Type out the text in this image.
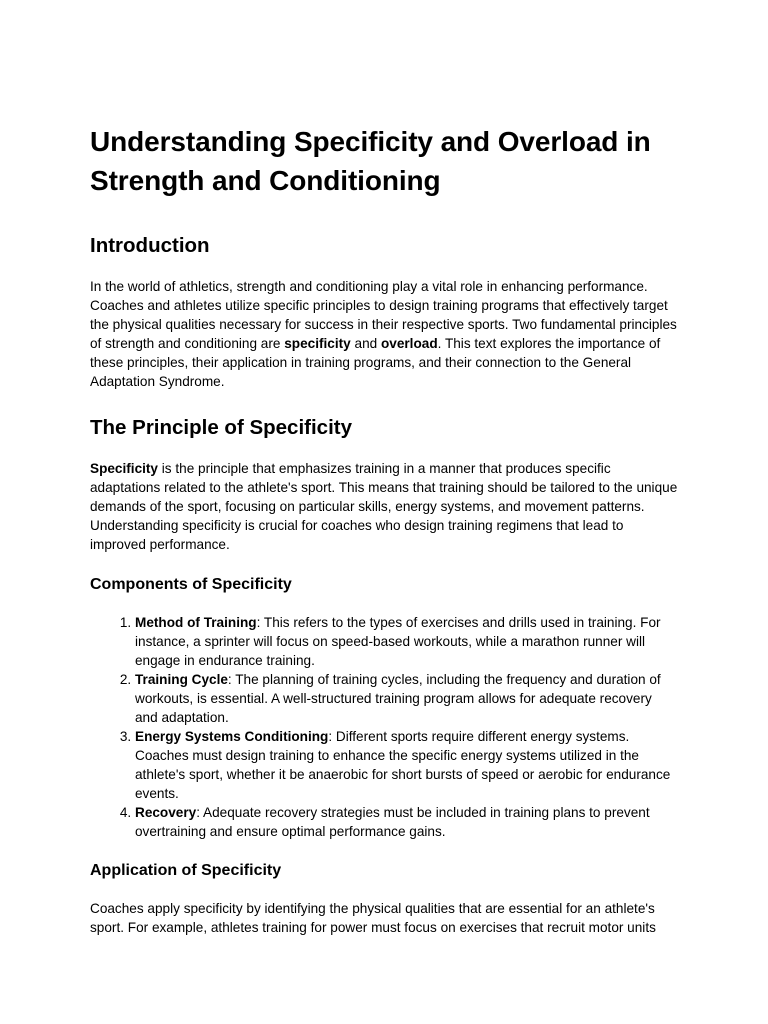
Understanding Specificity and Overload in Strength and Conditioning
Introduction

In the world of athletics, strength and conditioning play a vital role in enhancing performance. Coaches and athletes utilize specific principles to design training programs that effectively target the physical qualities necessary for success in their respective sports. Two fundamental principles of strength and conditioning are specificity and overload. This text explores the importance of these principles, their application in training programs, and their connection to the General Adaptation Syndrome.

The Principle of Specificity

Specificity is the principle that emphasizes training in a manner that produces specific adaptations related to the athlete's sport. This means that training should be tailored to the unique demands of the sport, focusing on particular skills, energy systems, and movement patterns. Understanding specificity is crucial for coaches who design training regimens that lead to improved performance.

Components of Specificity
1. Method of Training: This refers to the types of exercises and drills used in training. For instance, a sprinter will focus on speed-based workouts, while a marathon runner will engage in endurance training.
2. Training Cycle: The planning of training cycles, including the frequency and duration of workouts, is essential. A well-structured training program allows for adequate recovery and adaptation.
3. Energy Systems Conditioning: Different sports require different energy systems. Coaches must design training to enhance the specific energy systems utilized in the athlete's sport, whether it be anaerobic for short bursts of speed or aerobic for endurance events.
4. Recovery: Adequate recovery strategies must be included in training plans to prevent overtraining and ensure optimal performance gains.
Application of Specificity

Coaches apply specificity by identifying the physical qualities that are essential for an athlete's sport. For example, athletes training for power must focus on exercises that recruit motor units
